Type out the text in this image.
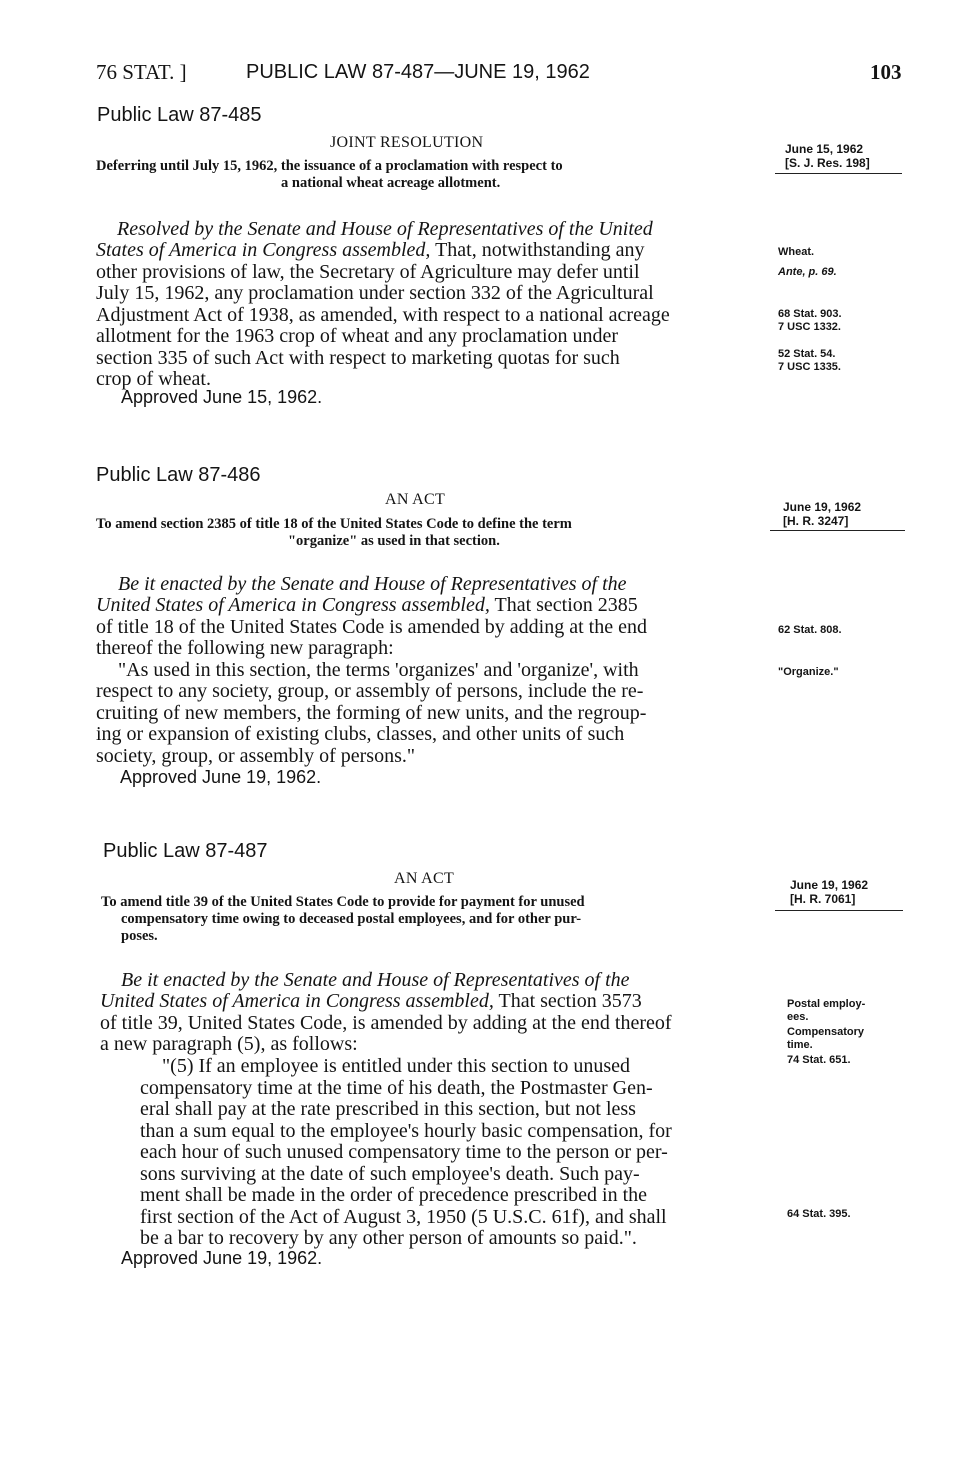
76 STAT. ]	PUBLIC LAW 87-487—JUNE 19, 1962	103
Public Law 87-485
JOINT RESOLUTION
Deferring until July 15, 1962, the issuance of a proclamation with respect to
a national wheat acreage allotment.
June 15, 1962
[S. J. Res. 198]
Resolved by the Senate and House of Representatives of the United
States of America in Congress assembled, That, notwithstanding any
other provisions of law, the Secretary of Agriculture may defer until
July 15, 1962, any proclamation under section 332 of the Agricultural
Adjustment Act of 1938, as amended, with respect to a national acreage
allotment for the 1963 crop of wheat and any proclamation under
section 335 of such Act with respect to marketing quotas for such
crop of wheat.
Approved June 15, 1962.
Wheat.
Ante, p. 69.
68 Stat. 903.
7 USC 1332.
52 Stat. 54.
7 USC 1335.
Public Law 87-486
AN ACT
To amend section 2385 of title 18 of the United States Code to define the term
"organize" as used in that section.
June 19, 1962
[H. R. 3247]
Be it enacted by the Senate and House of Representatives of the
United States of America in Congress assembled, That section 2385
of title 18 of the United States Code is amended by adding at the end
thereof the following new paragraph:
"As used in this section, the terms 'organizes' and 'organize', with
respect to any society, group, or assembly of persons, include the re-
cruiting of new members, the forming of new units, and the regroup-
ing or expansion of existing clubs, classes, and other units of such
society, group, or assembly of persons."
Approved June 19, 1962.
62 Stat. 808.
"Organize."
Public Law 87-487
AN ACT
To amend title 39 of the United States Code to provide for payment for unused
compensatory time owing to deceased postal employees, and for other pur-
poses.
June 19, 1962
[H. R. 7061]
Be it enacted by the Senate and House of Representatives of the
United States of America in Congress assembled, That section 3573
of title 39, United States Code, is amended by adding at the end thereof
a new paragraph (5), as follows:
"(5) If an employee is entitled under this section to unused
compensatory time at the time of his death, the Postmaster Gen-
eral shall pay at the rate prescribed in this section, but not less
than a sum equal to the employee's hourly basic compensation, for
each hour of such unused compensatory time to the person or per-
sons surviving at the date of such employee's death. Such pay-
ment shall be made in the order of precedence prescribed in the
first section of the Act of August 3, 1950 (5 U.S.C. 61f), and shall
be a bar to recovery by any other person of amounts so paid.".
Approved June 19, 1962.
Postal employ-
ees.
Compensatory
time.
74 Stat. 651.
64 Stat. 395.
